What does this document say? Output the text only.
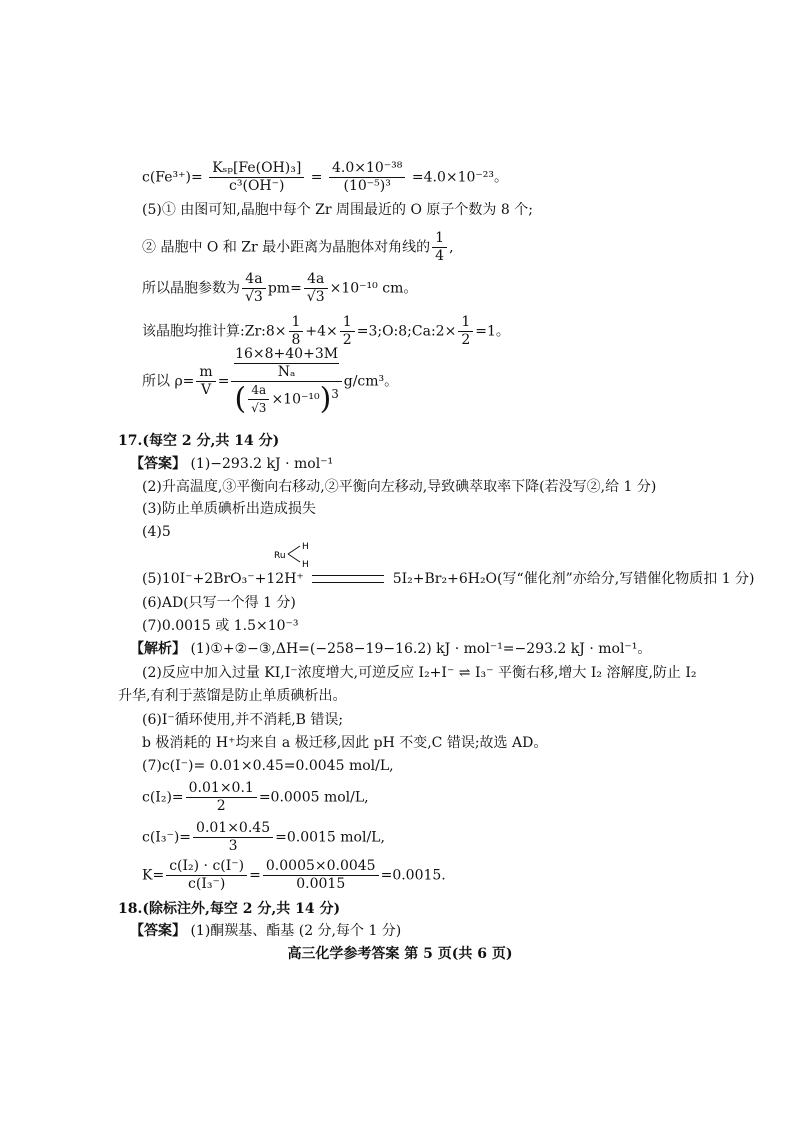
$c(Fe^{3+})= \frac{\text{Kₛₚ[Fe(OH)₃]}}{\text{c³(OH⁻)}} = \frac{\text{4.0×10⁻³⁸}}{\text{(10⁻⁵)³}} =4.0\times 10^{-23}$。
(5)① 由图可知,晶胞中每个 Zr 周围最近的 O 原子个数为 8 个;
② 晶胞中 O 和 Zr 最小距离为晶胞体对角线的 $\frac{1}{4}$ ,
所以晶胞参数为 $\frac{4a}{√3} pm= \frac{4a}{√3} \times 10^{-10}$ cm。
该晶胞均推计算:Zr:8× $\frac{1}{8} +4\times \frac{1}{2}$ =3;O:8;Ca:2× $\frac{1}{2} =1$。
所以 $\rho= \frac{m}{V} = 16\times 8+40+3M$
Nₐ
( $\frac{4a}{√3} \times 10^{-10})^3$ g/cm³。
17.(每空 2 分,共 14 分)
【答案】 (1)−293.2 kJ · mol⁻¹
(2)升高温度,③平衡向右移动,②平衡向左移动,导致碘萃取率下降(若没写②,给 1 分)
(3)防止单质碘析出造成损失
(4)5
Ru
H
H
(5)10I⁻+2BrO₃⁻+12H⁺	5I₂+Br₂+6H₂O(写“催化剂”亦给分,写错催化物质扣 1 分)
(6)AD(只写一个得 1 分)
(7)0.0015 或 1.5×10⁻³
【解析】 (1)①+②−③,ΔH=(−258−19−16.2) kJ · mol⁻¹=−293.2 kJ · mol⁻¹。
(2)反应中加入过量 KI,I⁻浓度增大,可逆反应 I₂+I⁻ ⇌ I₃⁻ 平衡右移,增大 I₂ 溶解度,防止 I₂
升华,有利于蒸馏是防止单质碘析出。
(6)I⁻循环使用,并不消耗,B 错误;
b 极消耗的 H⁺均来自 a 极迁移,因此 pH 不变,C 错误;故选 AD。
(7)c(I⁻)= 0.01×0.45=0.0045 mol/L,
$c(I_2)= \frac{0.01\times 0.1}{2} =0.0005$ mol/L,
$c(I_3^-)= \frac{0.01\times 0.45}{3} =0.0015$ mol/L,
$K= \frac{\text{c(I₂) · c(I⁻)}}{\text{c(I₃⁻)}} = \frac{0.0005\times 0.0045}{0.0015} =0.0015$.
18.(除标注外,每空 2 分,共 14 分)
【答案】 (1)酮羰基、酯基 (2 分,每个 1 分)
高三化学参考答案 第 5 页(共 6 页)
